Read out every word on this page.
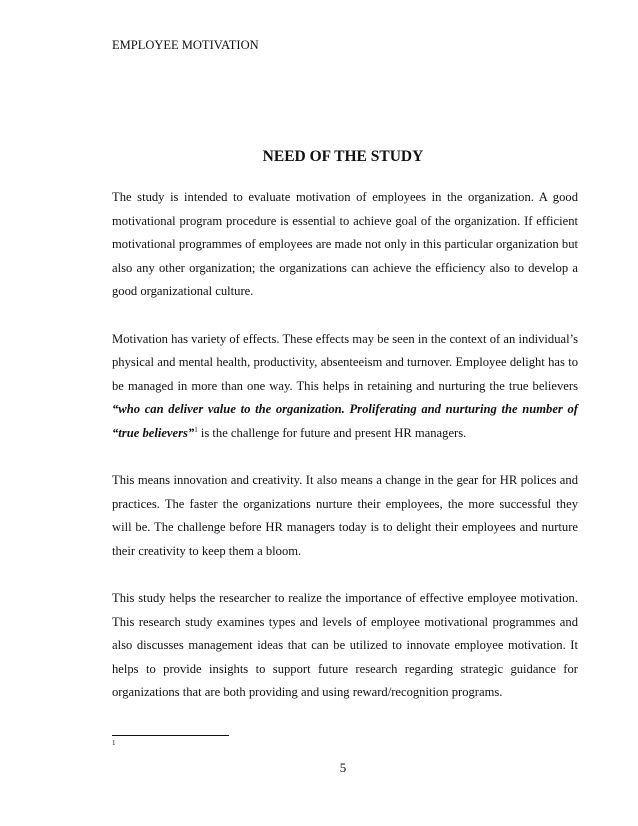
EMPLOYEE MOTIVATION
NEED OF THE STUDY

The study is intended to evaluate motivation of employees in the organization. A good motivational program procedure is essential to achieve goal of the organization. If efficient motivational programmes of employees are made not only in this particular organization but also any other organization; the organizations can achieve the efficiency also to develop a good organizational culture.

Motivation has variety of effects. These effects may be seen in the context of an individual’s physical and mental health, productivity, absenteeism and turnover. Employee delight has to be managed in more than one way. This helps in retaining and nurturing the true believers “who can deliver value to the organization. Proliferating and nurturing the number of “true believers”$^1$ is the challenge for future and present HR managers.

This means innovation and creativity. It also means a change in the gear for HR polices and practices. The faster the organizations nurture their employees, the more successful they will be. The challenge before HR managers today is to delight their employees and nurture their creativity to keep them a bloom.

This study helps the researcher to realize the importance of effective employee motivation. This research study examines types and levels of employee motivational programmes and also discusses management ideas that can be utilized to innovate employee motivation. It helps to provide insights to support future research regarding strategic guidance for organizations that are both providing and using reward/recognition programs.

1
5
